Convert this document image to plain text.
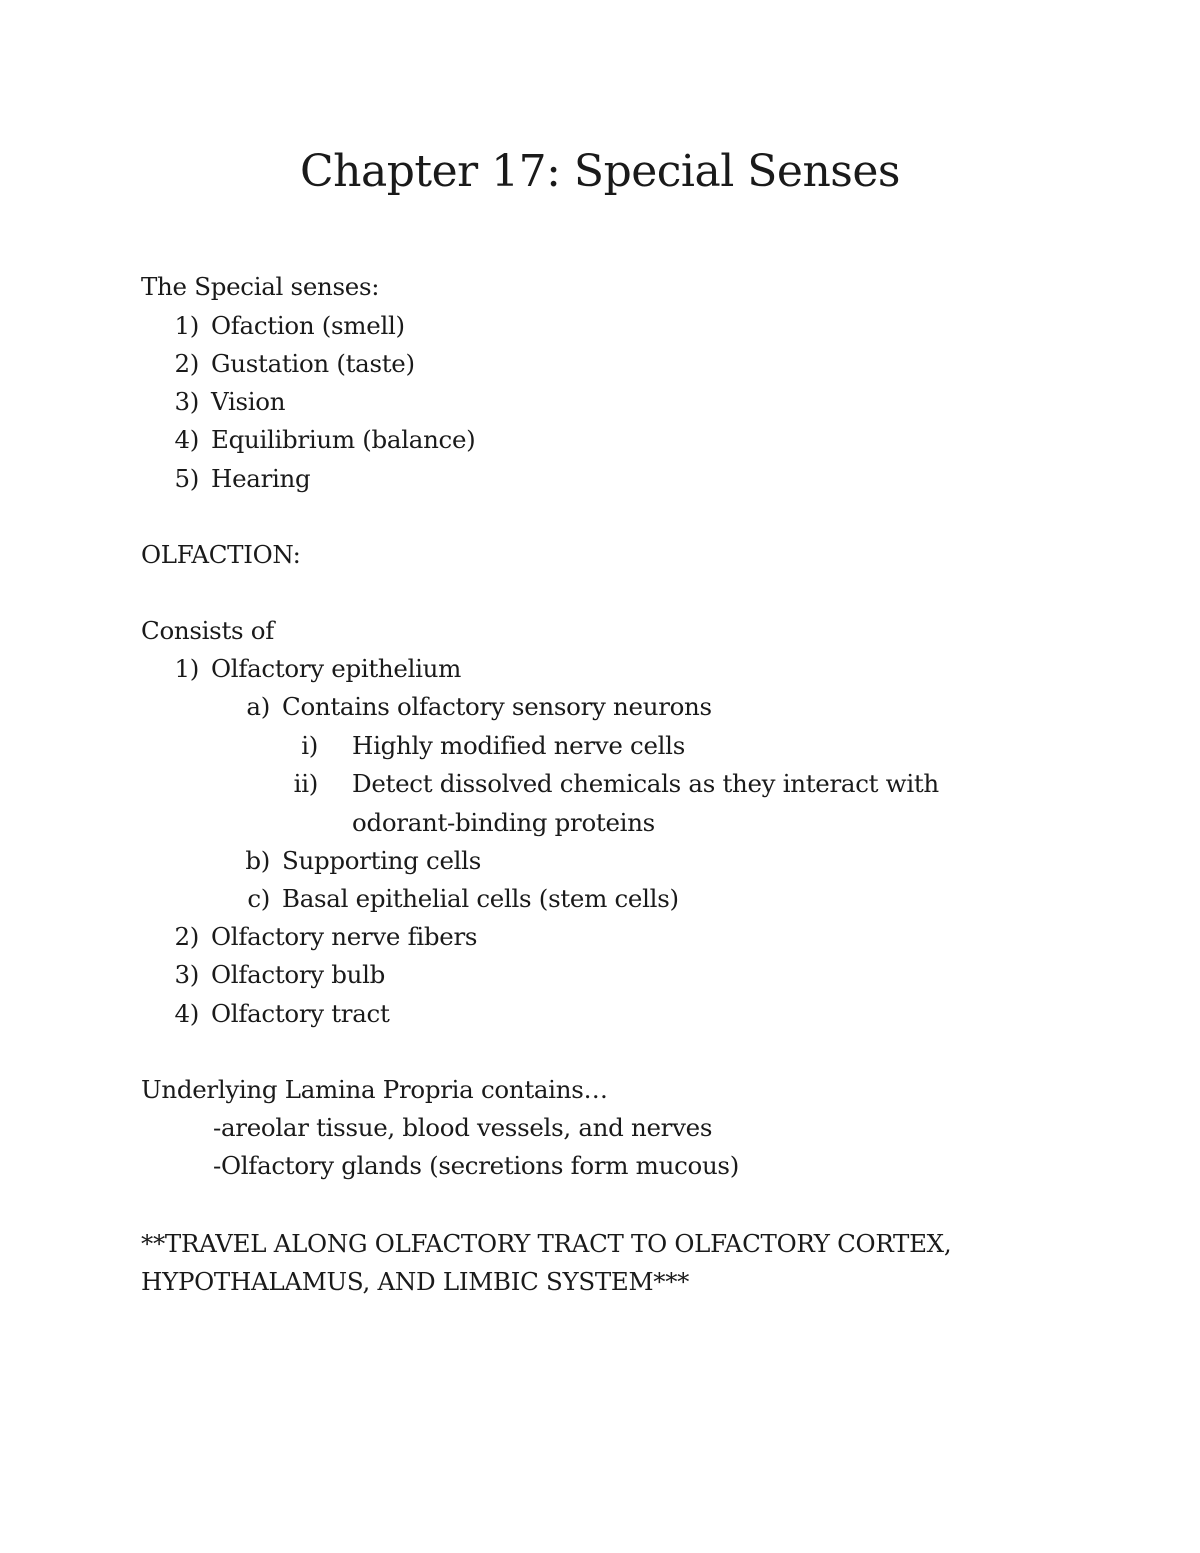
Chapter 17: Special Senses
The Special senses:
1) Ofaction (smell)
2) Gustation (taste)
3) Vision
4) Equilibrium (balance)
5) Hearing
OLFACTION:
Consists of
1) Olfactory epithelium
a) Contains olfactory sensory neurons
i) Highly modified nerve cells
ii) Detect dissolved chemicals as they interact with
odorant-binding proteins
b) Supporting cells
c) Basal epithelial cells (stem cells)
2) Olfactory nerve fibers
3) Olfactory bulb
4) Olfactory tract
Underlying Lamina Propria contains…
-areolar tissue, blood vessels, and nerves
-Olfactory glands (secretions form mucous)
**TRAVEL ALONG OLFACTORY TRACT TO OLFACTORY CORTEX,
HYPOTHALAMUS, AND LIMBIC SYSTEM***
